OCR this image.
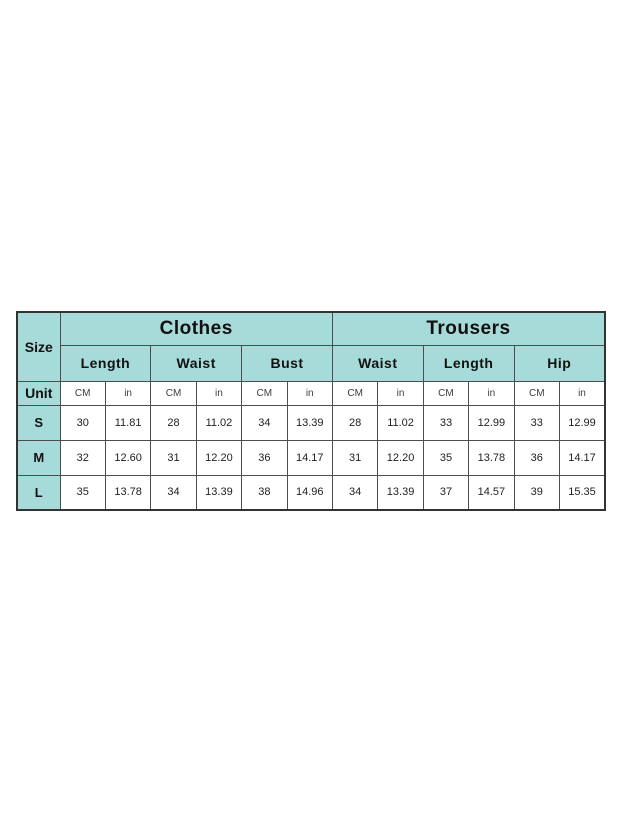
Size	Clothes						Trousers					
	Length		Waist		Bust		Waist		Length		Hip	
Unit	CM	in	CM	in	CM	in	CM	in	CM	in	CM	in
S	30	11.81	28	11.02	34	13.39	28	11.02	33	12.99	33	12.99
M	32	12.60	31	12.20	36	14.17	31	12.20	35	13.78	36	14.17
L	35	13.78	34	13.39	38	14.96	34	13.39	37	14.57	39	15.35
